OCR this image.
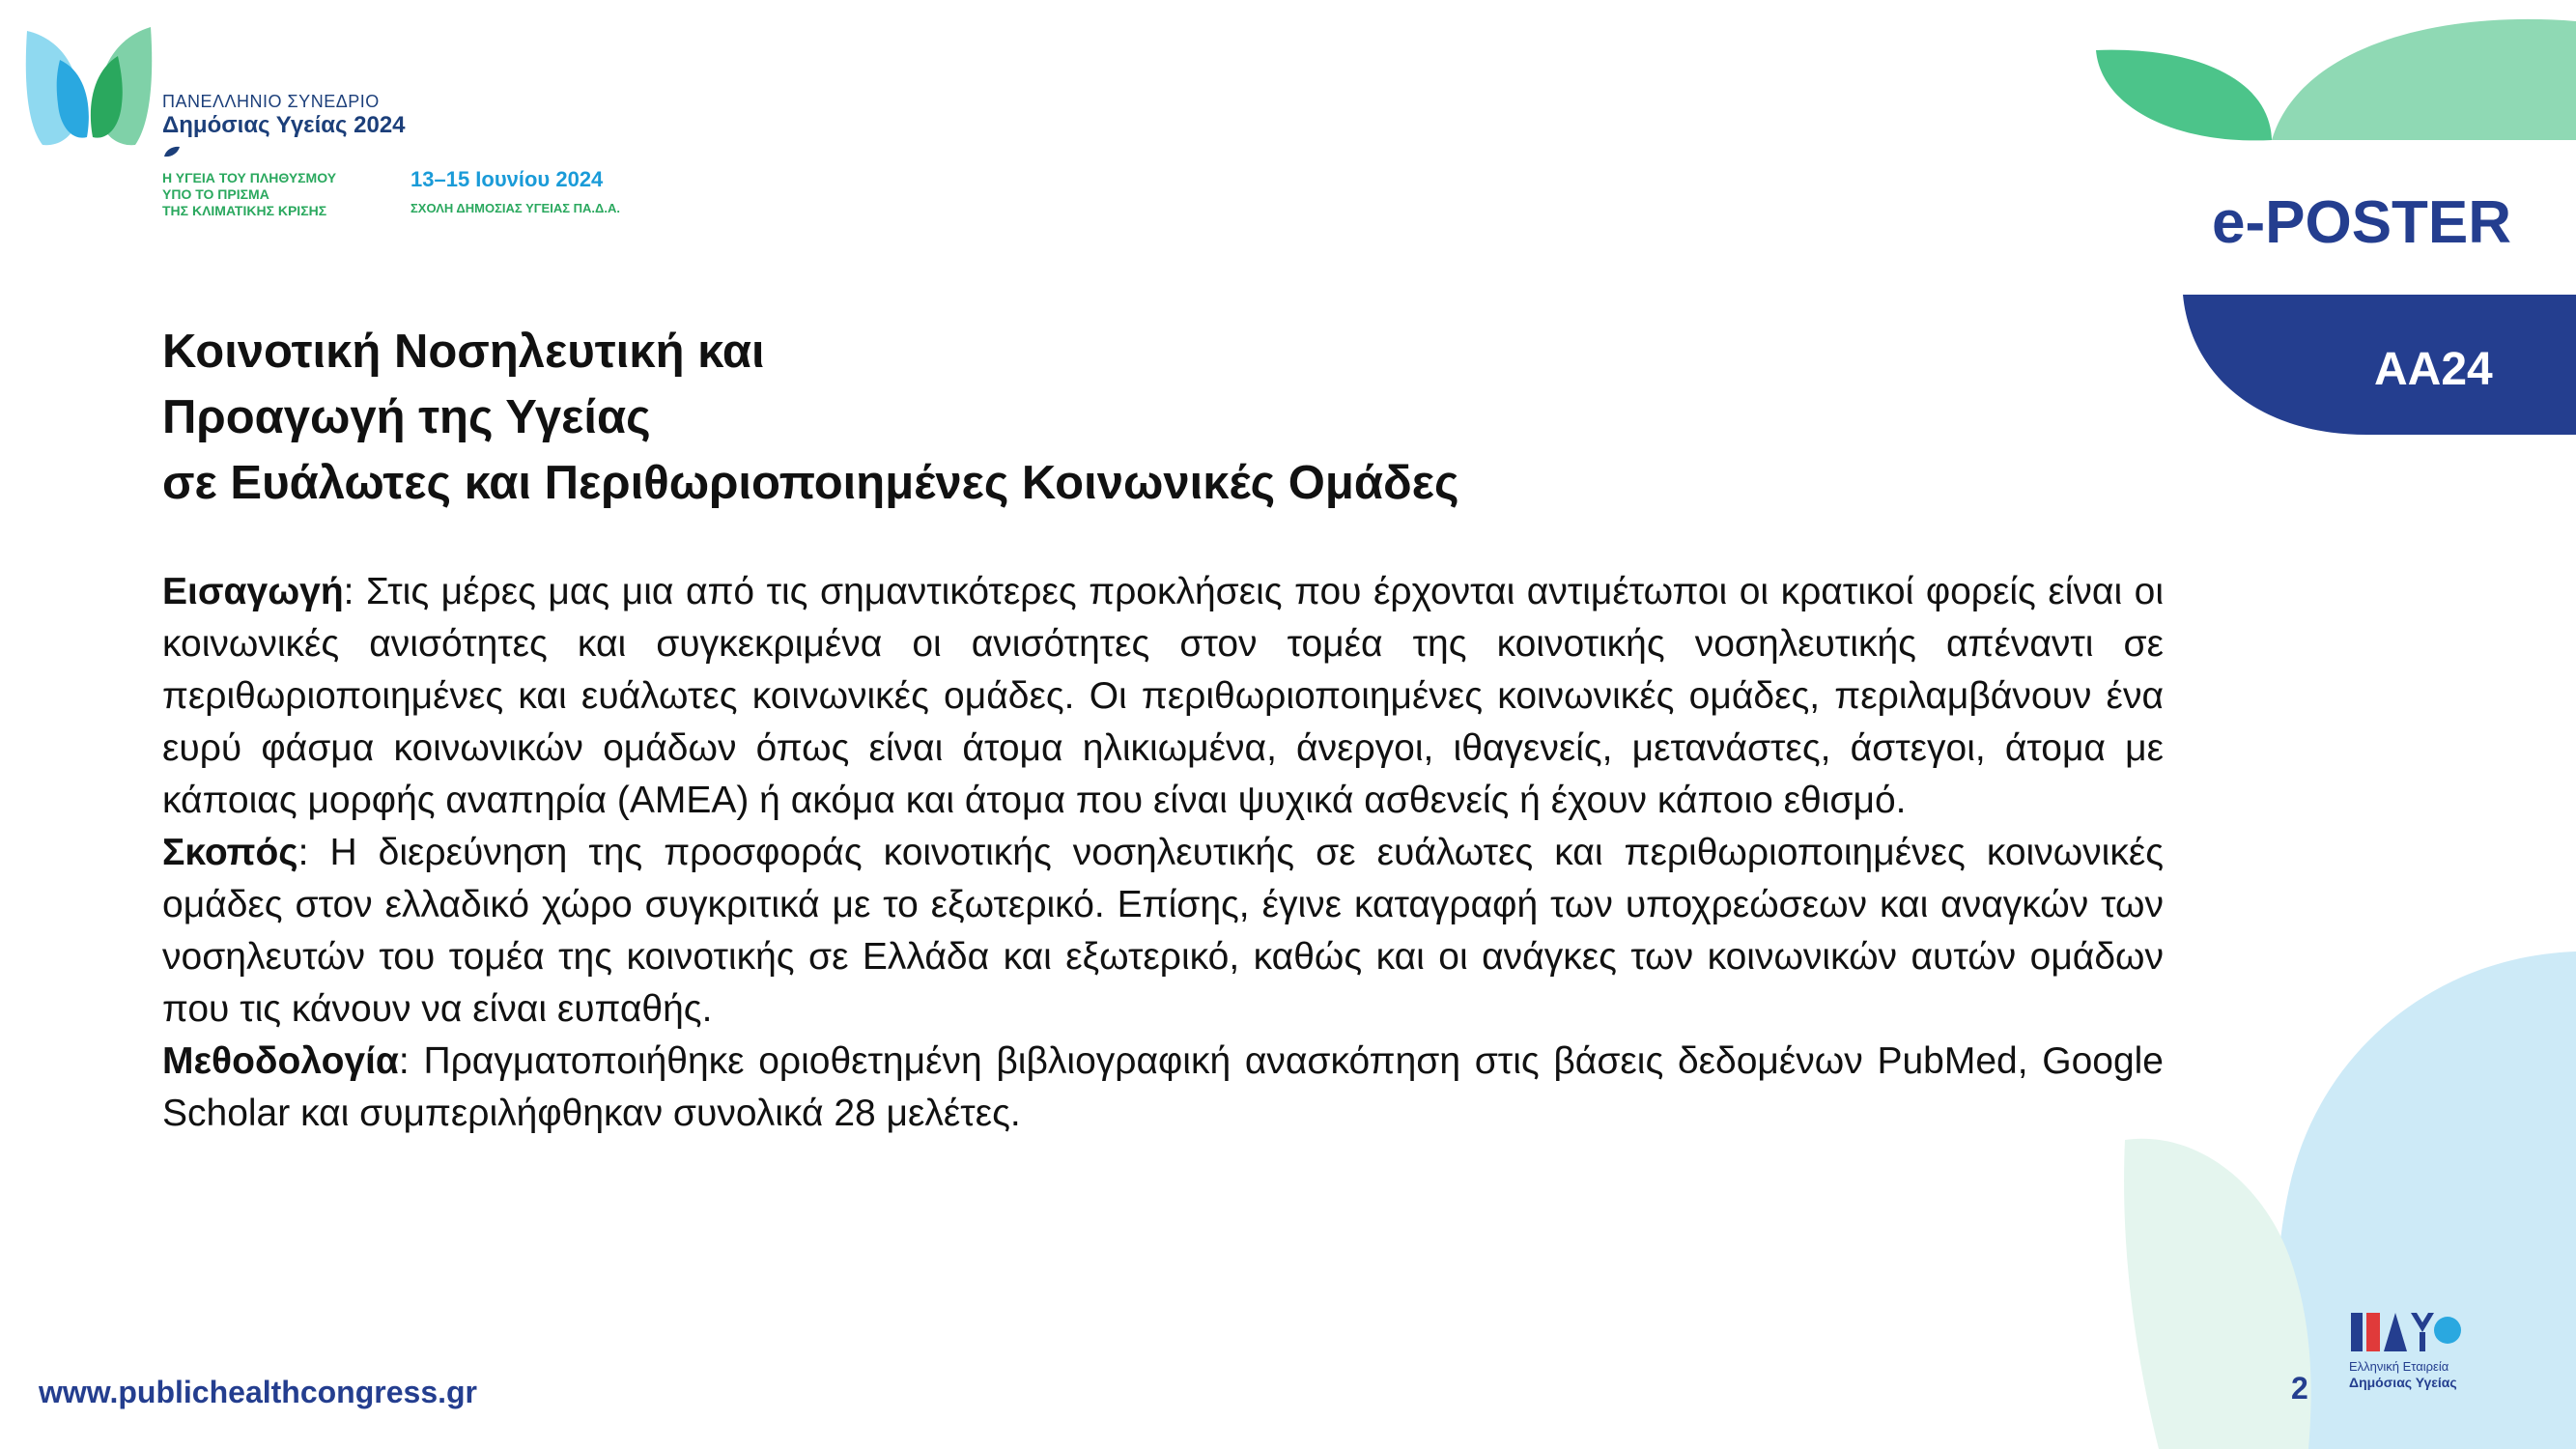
ΠΑΝΕΛΛΗΝΙΟ ΣΥΝΕΔΡΙΟ
Δημόσιας Υγείας 2024
Η ΥΓΕΙΑ ΤΟΥ ΠΛΗΘΥΣΜΟΥ
ΥΠΟ ΤΟ ΠΡΙΣΜΑ
ΤΗΣ ΚΛΙΜΑΤΙΚΗΣ ΚΡΙΣΗΣ
13–15 Ιουνίου 2024
ΣΧΟΛΗ ΔΗΜΟΣΙΑΣ ΥΓΕΙΑΣ ΠΑ.Δ.Α.	e-POSTER
AA24
Κοινοτική Νοσηλευτική και
Προαγωγή της Υγείας
σε Ευάλωτες και Περιθωριοποιημένες Κοινωνικές Ομάδες

Εισαγωγή: Στις μέρες μας μια από τις σημαντικότερες προκλήσεις που έρχονται αντιμέτωποι οι κρατικοί φορείς είναι οι κοινωνικές ανισότητες και συγκεκριμένα οι ανισότητες στον τομέα της κοινοτικής νοσηλευτικής απέναντι σε περιθωριοποιημένες και ευάλωτες κοινωνικές ομάδες. Οι περιθωριοποιημένες κοινωνικές ομάδες, περιλαμβάνουν ένα ευρύ φάσμα κοινωνικών ομάδων όπως είναι άτομα ηλικιωμένα, άνεργοι, ιθαγενείς, μετανάστες, άστεγοι, άτομα με κάποιας μορφής αναπηρία (ΑΜΕΑ) ή ακόμα και άτομα που είναι ψυχικά ασθενείς ή έχουν κάποιο εθισμό.

Σκοπός: Η διερεύνηση της προσφοράς κοινοτικής νοσηλευτικής σε ευάλωτες και περιθωριοποιημένες κοινωνικές ομάδες στον ελλαδικό χώρο συγκριτικά με το εξωτερικό. Επίσης, έγινε καταγραφή των υποχρεώσεων και αναγκών των νοσηλευτών του τομέα της κοινοτικής σε Ελλάδα και εξωτερικό, καθώς και οι ανάγκες των κοινωνικών αυτών ομάδων που τις κάνουν να είναι ευπαθής.

Μεθοδολογία: Πραγματοποιήθηκε οριοθετημένη βιβλιογραφική ανασκόπηση στις βάσεις δεδομένων PubMed, Google Scholar και συμπεριλήφθηκαν συνολικά 28 μελέτες.

www.publichealthcongress.gr	2
Ελληνική Εταιρεία
Δημόσιας Υγείας
